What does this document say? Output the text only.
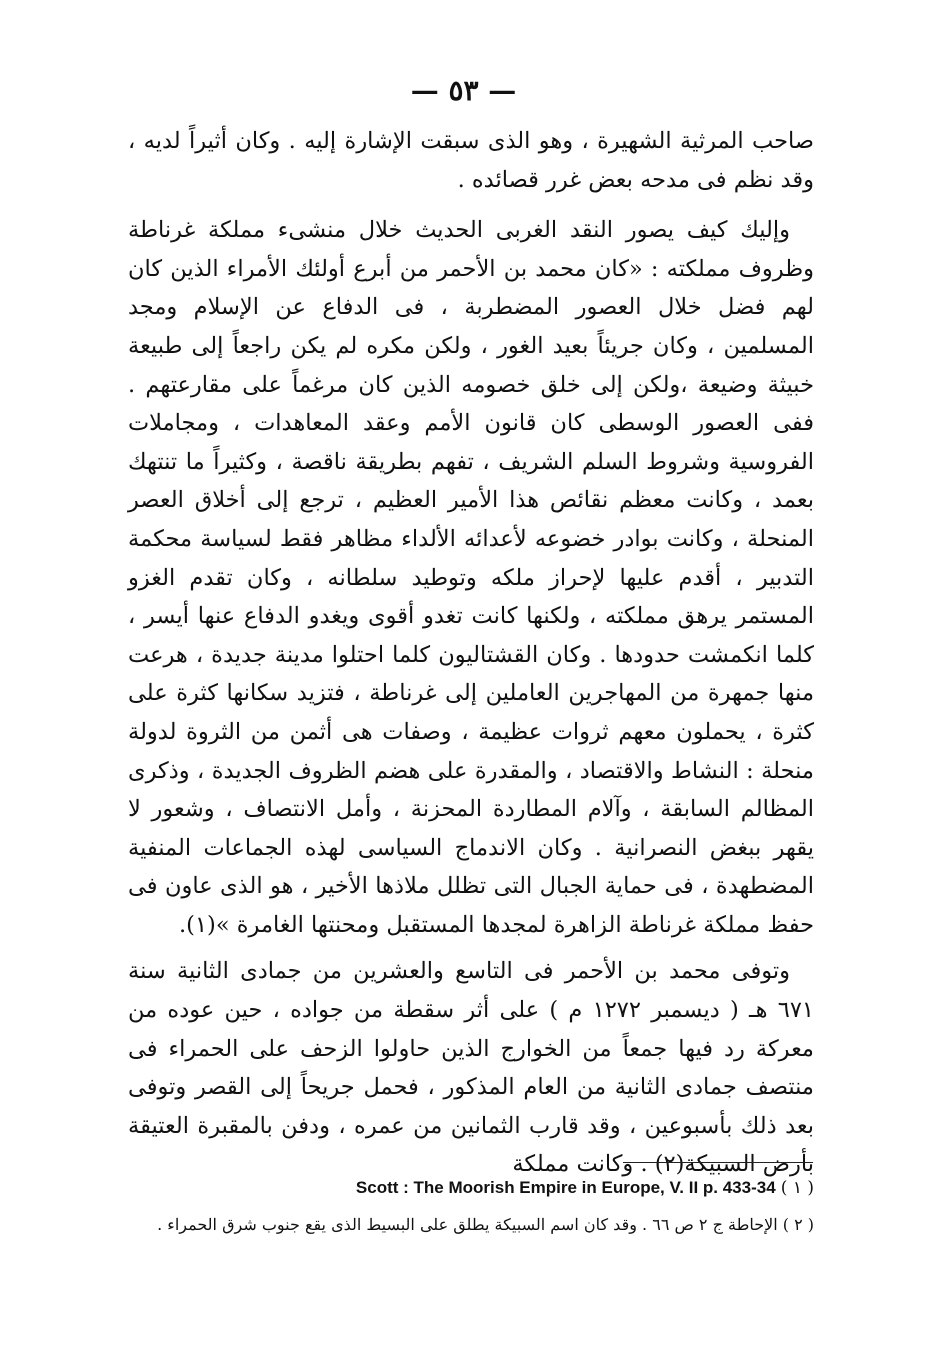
— ٥٣ —

صاحب المرثية الشهيرة ، وهو الذى سبقت الإشارة إليه . وكان أثيراً لديه ، وقد نظم فى مدحه بعض غرر قصائده .

وإليك كيف يصور النقد الغربى الحديث خلال منشىء مملكة غرناطة وظروف مملكته : «كان محمد بن الأحمر من أبرع أولئك الأمراء الذين كان لهم فضل خلال العصور المضطربة ، فى الدفاع عن الإسلام ومجد المسلمين ، وكان جريئاً بعيد الغور ، ولكن مكره لم يكن راجعاً إلى طبيعة خبيثة وضيعة ،ولكن إلى خلق خصومه الذين كان مرغماً على مقارعتهم . ففى العصور الوسطى كان قانون الأمم وعقد المعاهدات ، ومجاملات الفروسية وشروط السلم الشريف ، تفهم بطريقة ناقصة ، وكثيراً ما تنتهك بعمد ، وكانت معظم نقائص هذا الأمير العظيم ، ترجع إلى أخلاق العصر المنحلة ، وكانت بوادر خضوعه لأعدائه الألداء مظاهر فقط لسياسة محكمة التدبير ، أقدم عليها لإحراز ملكه وتوطيد سلطانه ، وكان تقدم الغزو المستمر يرهق مملكته ، ولكنها كانت تغدو أقوى ويغدو الدفاع عنها أيسر ، كلما انكمشت حدودها . وكان القشتاليون كلما احتلوا مدينة جديدة ، هرعت منها جمهرة من المهاجرين العاملين إلى غرناطة ، فتزيد سكانها كثرة على كثرة ، يحملون معهم ثروات عظيمة ، وصفات هى أثمن من الثروة لدولة منحلة : النشاط والاقتصاد ، والمقدرة على هضم الظروف الجديدة ، وذكرى المظالم السابقة ، وآلام المطاردة المحزنة ، وأمل الانتصاف ، وشعور لا يقهر ببغض النصرانية . وكان الاندماج السياسى لهذه الجماعات المنفية المضطهدة ، فى حماية الجبال التى تظلل ملاذها الأخير ، هو الذى عاون فى حفظ مملكة غرناطة الزاهرة لمجدها المستقبل ومحنتها الغامرة »(١).

وتوفى محمد بن الأحمر فى التاسع والعشرين من جمادى الثانية سنة ٦٧١ هـ ( ديسمبر ١٢٧٢ م ) على أثر سقطة من جواده ، حين عوده من معركة رد فيها جمعاً من الخوارج الذين حاولوا الزحف على الحمراء فى منتصف جمادى الثانية من العام المذكور ، فحمل جريحاً إلى القصر وتوفى بعد ذلك بأسبوعين ، وقد قارب الثمانين من عمره ، ودفن بالمقبرة العتيقة بأرض السبيكة(٢) . وكانت مملكة

( ١ ) Scott : The Moorish Empire in Europe, V. II p. 433-34
( ٢ ) الإحاطة ج ٢ ص ٦٦ . وقد كان اسم السبيكة يطلق على البسيط الذى يقع جنوب شرق الحمراء .
